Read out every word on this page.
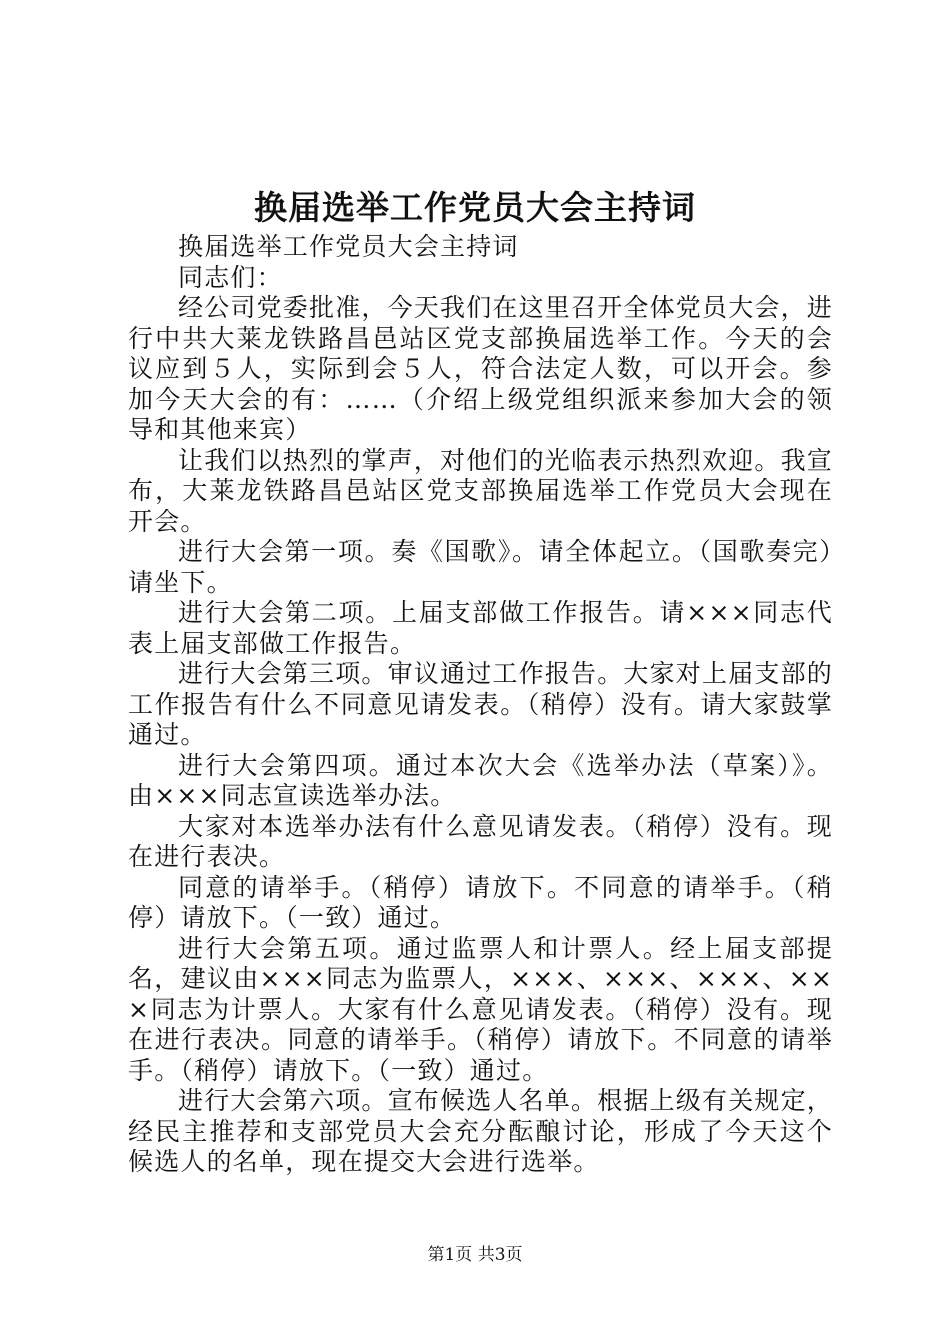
换届选举工作党员大会主持词

换届选举工作党员大会主持词

同志们：

经公司党委批准，今天我们在这里召开全体党员大会，进行中共大莱龙铁路昌邑站区党支部换届选举工作。今天的会议应到５人，实际到会５人，符合法定人数，可以开会。参加今天大会的有：……（介绍上级党组织派来参加大会的领导和其他来宾）

让我们以热烈的掌声，对他们的光临表示热烈欢迎。我宣布，大莱龙铁路昌邑站区党支部换届选举工作党员大会现在开会。

进行大会第一项。奏《国歌》。请全体起立。（国歌奏完）请坐下。

进行大会第二项。上届支部做工作报告。请×××同志代表上届支部做工作报告。

进行大会第三项。审议通过工作报告。大家对上届支部的工作报告有什么不同意见请发表。（稍停）没有。请大家鼓掌通过。

进行大会第四项。通过本次大会《选举办法（草案）》。由×××同志宣读选举办法。

大家对本选举办法有什么意见请发表。（稍停）没有。现在进行表决。

同意的请举手。（稍停）请放下。不同意的请举手。（稍停）请放下。（一致）通过。

进行大会第五项。通过监票人和计票人。经上届支部提名，建议由×××同志为监票人，×××、×××、×××、×××同志为计票人。大家有什么意见请发表。（稍停）没有。现在进行表决。同意的请举手。（稍停）请放下。不同意的请举手。（稍停）请放下。（一致）通过。

进行大会第六项。宣布候选人名单。根据上级有关规定，经民主推荐和支部党员大会充分酝酿讨论，形成了今天这个候选人的名单，现在提交大会进行选举。

第1页 共3页
